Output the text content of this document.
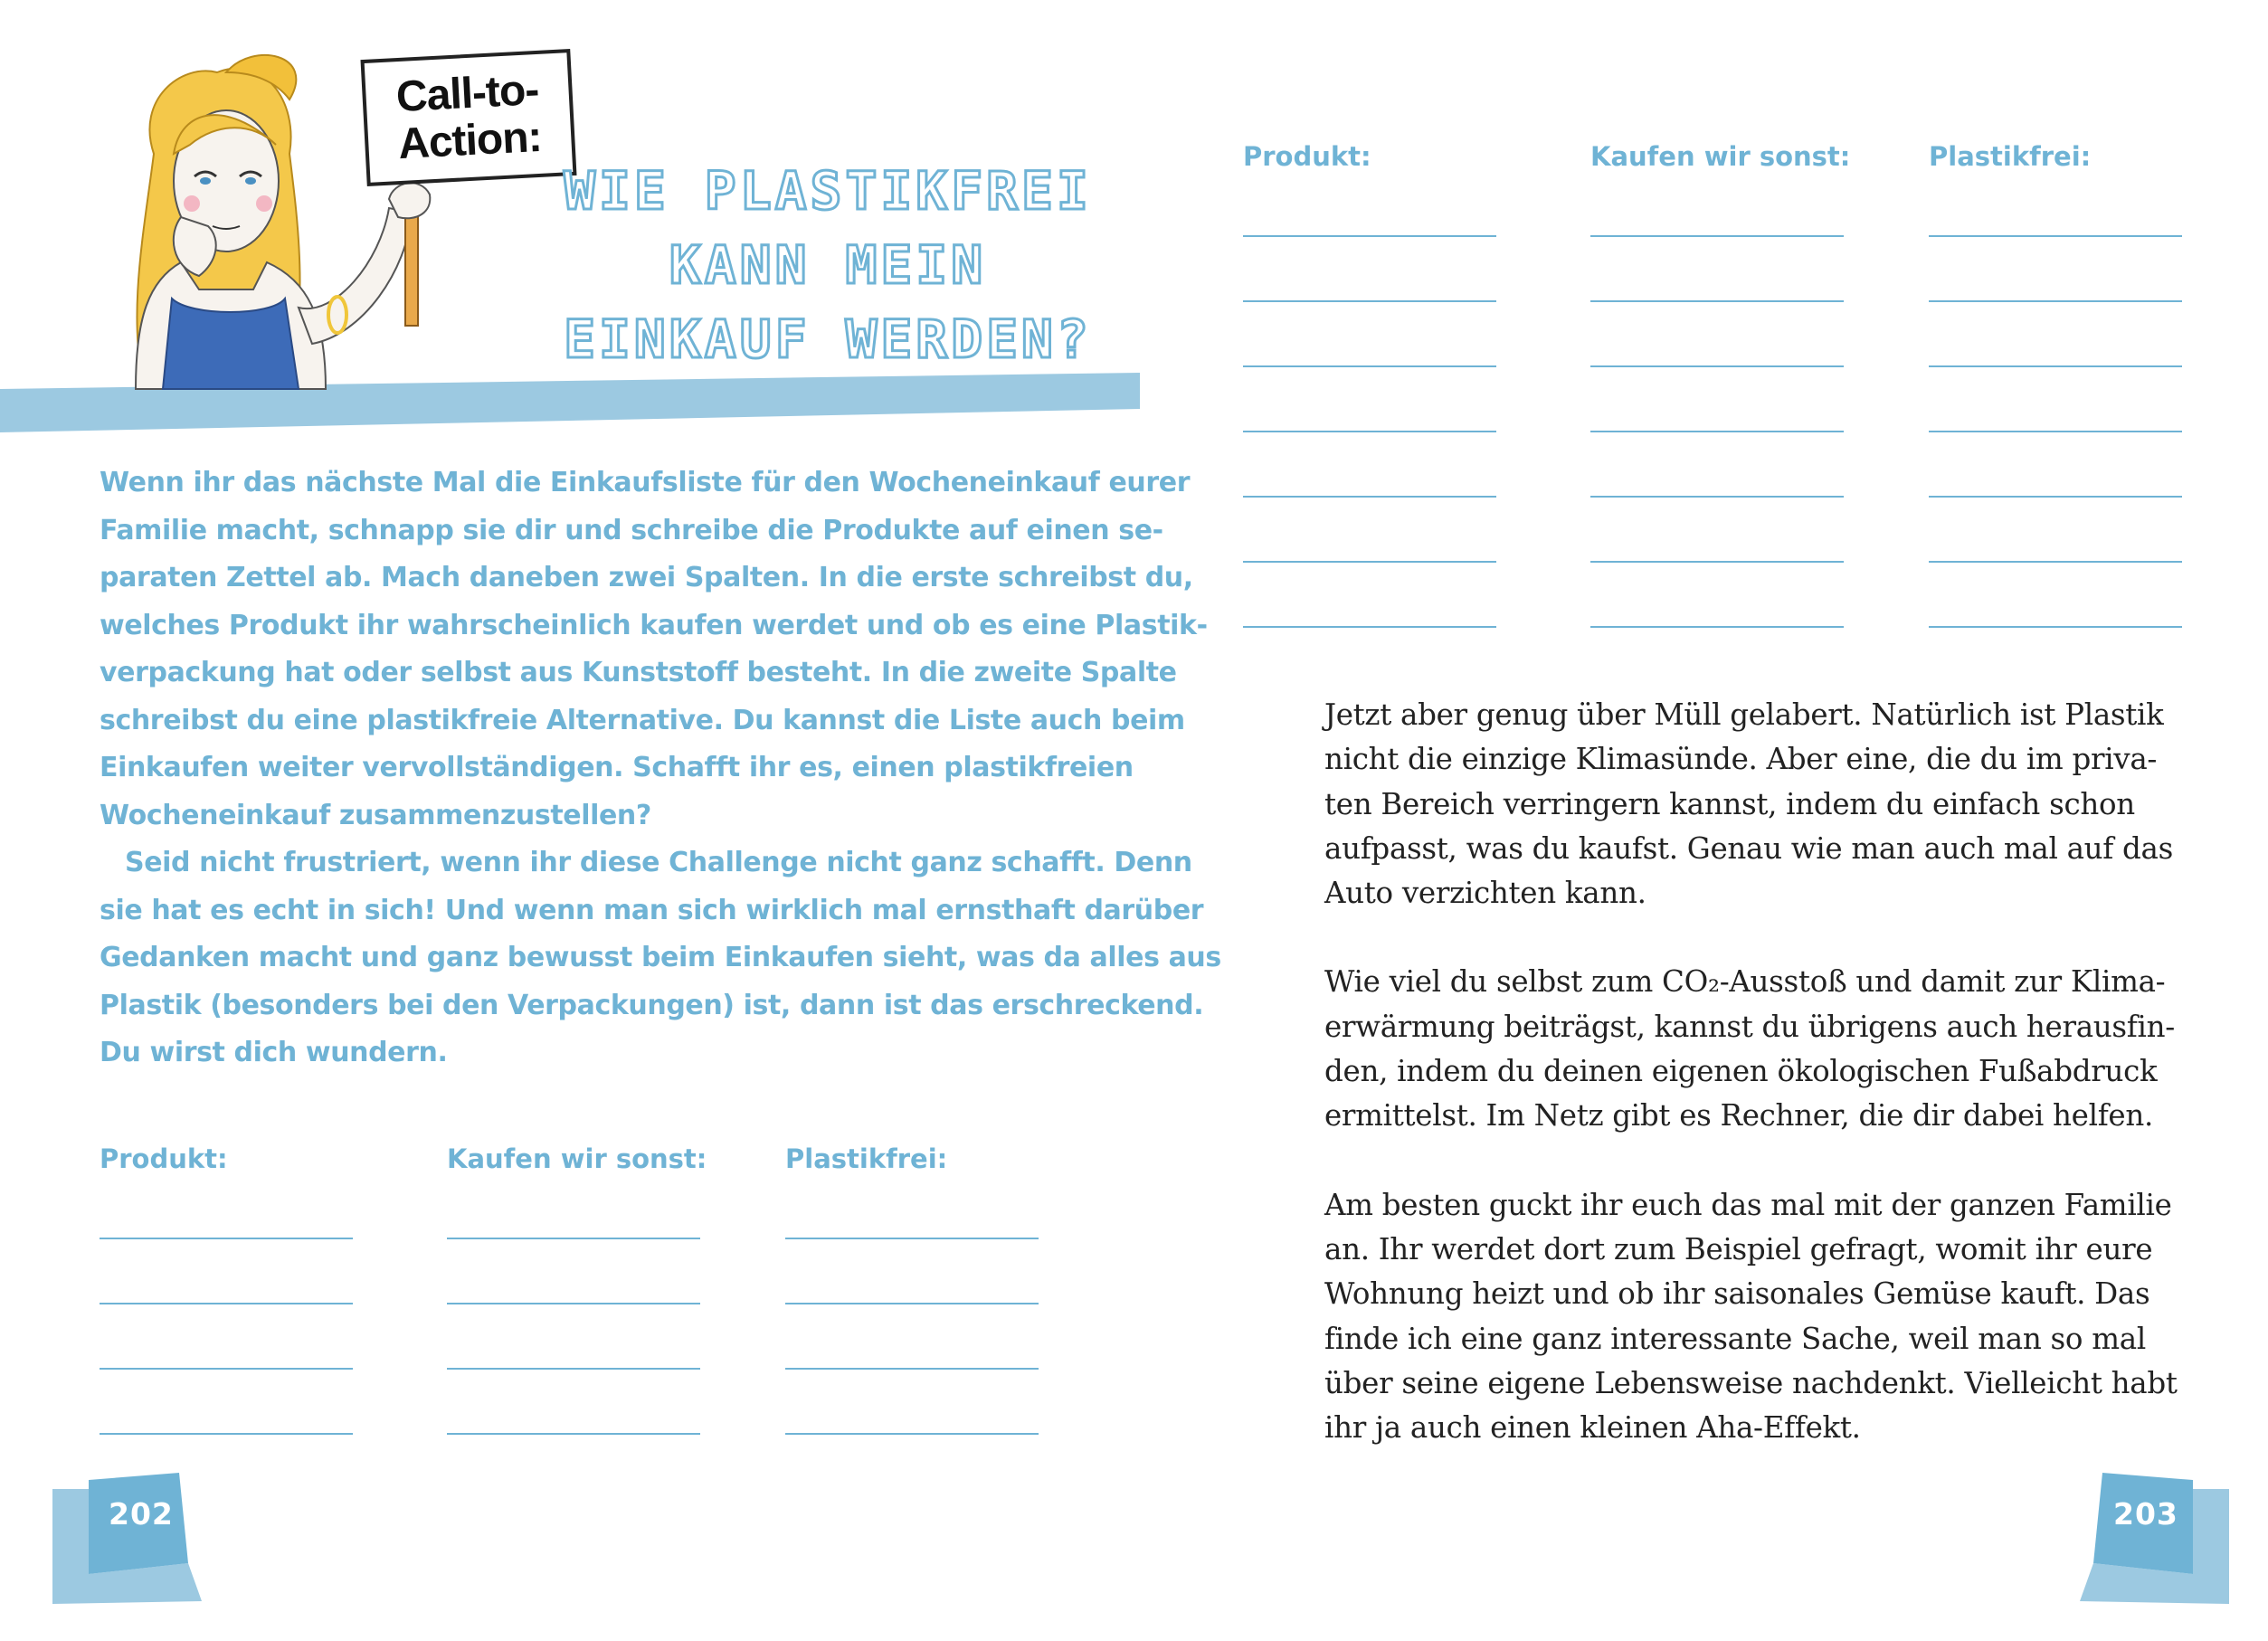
Call-to-
Action:
WIE PLASTIKFREI
KANN MEIN
EINKAUF WERDEN?

Wenn ihr das nächste Mal die Einkaufsliste für den Wocheneinkauf eurer
Familie macht, schnapp sie dir und schreibe die Produkte auf einen se-
paraten Zettel ab. Mach daneben zwei Spalten. In die erste schreibst du,
welches Produkt ihr wahrscheinlich kaufen werdet und ob es eine Plastik-
verpackung hat oder selbst aus Kunststoff besteht. In die zweite Spalte
schreibst du eine plastikfreie Alternative. Du kannst die Liste auch beim
Einkaufen weiter vervollständigen. Schafft ihr es, einen plastikfreien
Wocheneinkauf zusammenzustellen?

Seid nicht frustriert, wenn ihr diese Challenge nicht ganz schafft. Denn
sie hat es echt in sich! Und wenn man sich wirklich mal ernsthaft darüber
Gedanken macht und ganz bewusst beim Einkaufen sieht, was da alles aus
Plastik (besonders bei den Verpackungen) ist, dann ist das erschreckend.
Du wirst dich wundern.

Produkt:	Kaufen wir sonst:	Plastikfrei:
202
Produkt:	Kaufen wir sonst:	Plastikfrei:
203

Jetzt aber genug über Müll gelabert. Natürlich ist Plastik
nicht die einzige Klimasünde. Aber eine, die du im priva-
ten Bereich verringern kannst, indem du einfach schon
aufpasst, was du kaufst. Genau wie man auch mal auf das
Auto verzichten kann.

Wie viel du selbst zum CO₂-Ausstoß und damit zur Klima-
erwärmung beiträgst, kannst du übrigens auch herausfin-
den, indem du deinen eigenen ökologischen Fußabdruck
ermittelst. Im Netz gibt es Rechner, die dir dabei helfen.

Am besten guckt ihr euch das mal mit der ganzen Familie
an. Ihr werdet dort zum Beispiel gefragt, womit ihr eure
Wohnung heizt und ob ihr saisonales Gemüse kauft. Das
finde ich eine ganz interessante Sache, weil man so mal
über seine eigene Lebensweise nachdenkt. Vielleicht habt
ihr ja auch einen kleinen Aha-Effekt.
